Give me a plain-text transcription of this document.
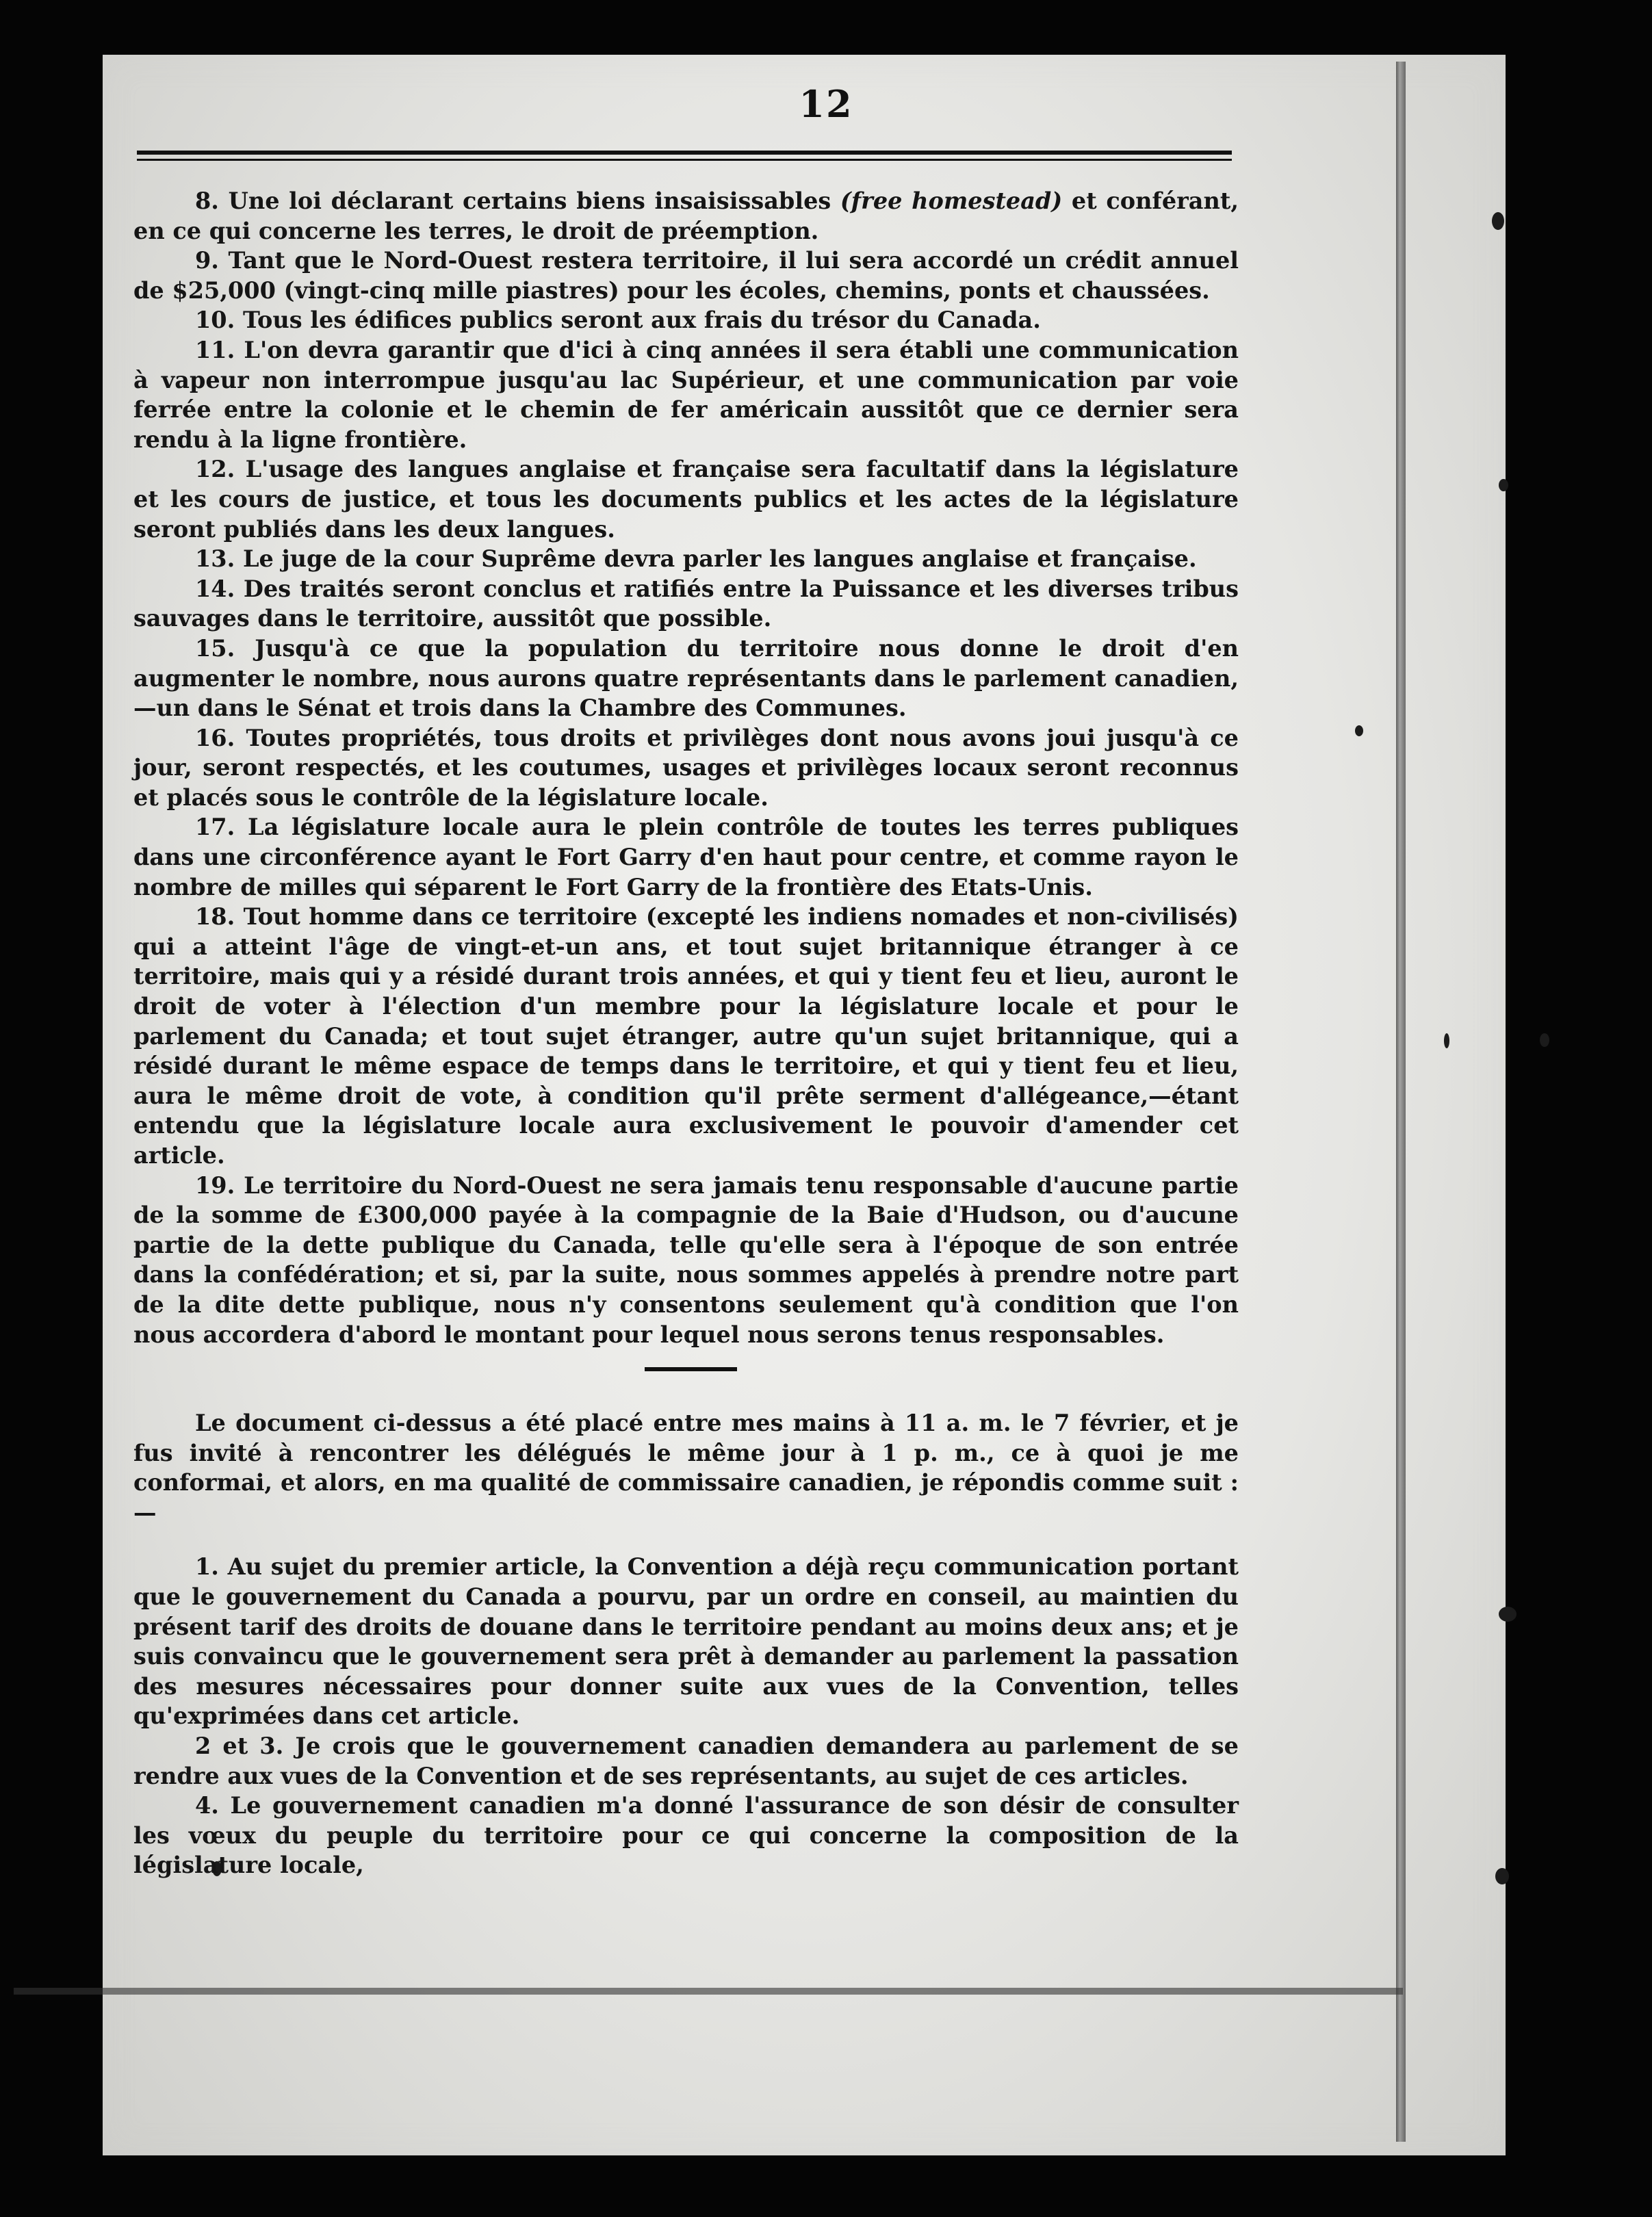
12

8. Une loi déclarant certains biens insaisissables (free homestead) et conférant, en ce qui concerne les terres, le droit de préemption.

9. Tant que le Nord-Ouest restera territoire, il lui sera accordé un crédit annuel de $25,000 (vingt-cinq mille piastres) pour les écoles, chemins, ponts et chaussées.

10. Tous les édifices publics seront aux frais du trésor du Canada.

11. L'on devra garantir que d'ici à cinq années il sera établi une communication à vapeur non interrompue jusqu'au lac Supérieur, et une communication par voie ferrée entre la colonie et le chemin de fer américain aussitôt que ce dernier sera rendu à la ligne frontière.

12. L'usage des langues anglaise et française sera facultatif dans la législature et les cours de justice, et tous les documents publics et les actes de la législature seront publiés dans les deux langues.

13. Le juge de la cour Suprême devra parler les langues anglaise et française.

14. Des traités seront conclus et ratifiés entre la Puissance et les diverses tribus sauvages dans le territoire, aussitôt que possible.

15. Jusqu'à ce que la population du territoire nous donne le droit d'en augmenter le nombre, nous aurons quatre représentants dans le parlement canadien,—un dans le Sénat et trois dans la Chambre des Communes.

16. Toutes propriétés, tous droits et privilèges dont nous avons joui jusqu'à ce jour, seront respectés, et les coutumes, usages et privilèges locaux seront reconnus et placés sous le contrôle de la législature locale.

17. La législature locale aura le plein contrôle de toutes les terres publiques dans une circonférence ayant le Fort Garry d'en haut pour centre, et comme rayon le nombre de milles qui séparent le Fort Garry de la frontière des Etats-Unis.

18. Tout homme dans ce territoire (excepté les indiens nomades et non-civilisés) qui a atteint l'âge de vingt-et-un ans, et tout sujet britannique étranger à ce territoire, mais qui y a résidé durant trois années, et qui y tient feu et lieu, auront le droit de voter à l'élection d'un membre pour la législature locale et pour le parlement du Canada; et tout sujet étranger, autre qu'un sujet britannique, qui a résidé durant le même espace de temps dans le territoire, et qui y tient feu et lieu, aura le même droit de vote, à condition qu'il prête serment d'allégeance,—étant entendu que la législature locale aura exclusivement le pouvoir d'amender cet article.

19. Le territoire du Nord-Ouest ne sera jamais tenu responsable d'aucune partie de la somme de £300,000 payée à la compagnie de la Baie d'Hudson, ou d'aucune partie de la dette publique du Canada, telle qu'elle sera à l'époque de son entrée dans la confédération; et si, par la suite, nous sommes appelés à prendre notre part de la dite dette publique, nous n'y consentons seulement qu'à condition que l'on nous accordera d'abord le montant pour lequel nous serons tenus responsables.

Le document ci-dessus a été placé entre mes mains à 11 a. m. le 7 février, et je fus invité à rencontrer les délégués le même jour à 1 p. m., ce à quoi je me conformai, et alors, en ma qualité de commissaire canadien, je répondis comme suit :—

1. Au sujet du premier article, la Convention a déjà reçu communication portant que le gouvernement du Canada a pourvu, par un ordre en conseil, au maintien du présent tarif des droits de douane dans le territoire pendant au moins deux ans; et je suis convaincu que le gouvernement sera prêt à demander au parlement la passation des mesures nécessaires pour donner suite aux vues de la Convention, telles qu'exprimées dans cet article.

2 et 3. Je crois que le gouvernement canadien demandera au parlement de se rendre aux vues de la Convention et de ses représentants, au sujet de ces articles.

4. Le gouvernement canadien m'a donné l'assurance de son désir de consulter les vœux du peuple du territoire pour ce qui concerne la composition de la législature locale,
